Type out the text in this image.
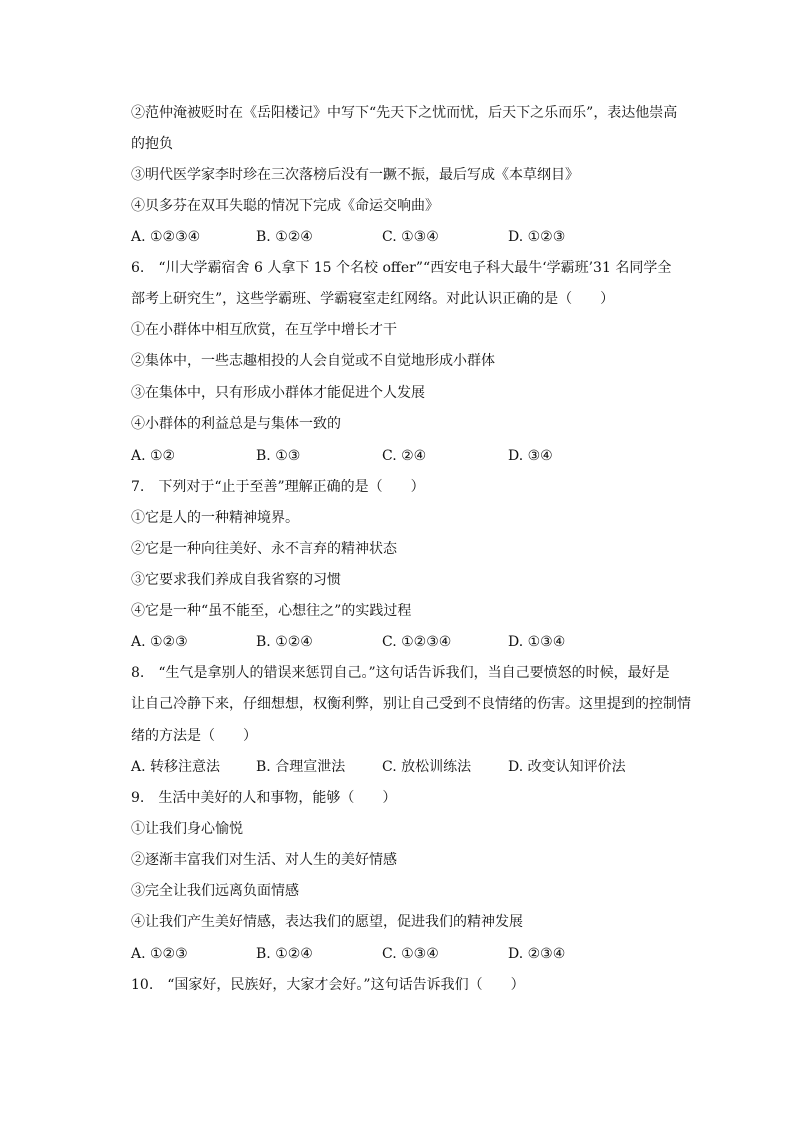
②范仲淹被贬时在《岳阳楼记》中写下“先天下之忧而忧，后天下之乐而乐”，表达他崇高
的抱负
③明代医学家李时珍在三次落榜后没有一蹶不振，最后写成《本草纲目》
④贝多芬在双耳失聪的情况下完成《命运交响曲》
A. ①②③④	B. ①②④	C. ①③④	D. ①②③
6.　“川大学霸宿舍 6 人拿下 15 个名校 offer”“西安电子科大最牛‘学霸班’31 名同学全
部考上研究生”，这些学霸班、学霸寝室走红网络。对此认识正确的是（　　）
①在小群体中相互欣赏，在互学中增长才干
②集体中，一些志趣相投的人会自觉或不自觉地形成小群体
③在集体中，只有形成小群体才能促进个人发展
④小群体的利益总是与集体一致的
A. ①②	B. ①③	C. ②④	D. ③④
7.　下列对于“止于至善”理解正确的是（　　）
①它是人的一种精神境界。
②它是一种向往美好、永不言弃的精神状态
③它要求我们养成自我省察的习惯
④它是一种“虽不能至，心想往之”的实践过程
A. ①②③	B. ①②④	C. ①②③④	D. ①③④
8.　“生气是拿别人的错误来惩罚自己。”这句话告诉我们，当自己要愤怒的时候，最好是
让自己冷静下来，仔细想想，权衡利弊，别让自己受到不良情绪的伤害。这里提到的控制情
绪的方法是（　　）
A. 转移注意法	B. 合理宣泄法	C. 放松训练法	D. 改变认知评价法
9.　生活中美好的人和事物，能够（　　）
①让我们身心愉悦
②逐渐丰富我们对生活、对人生的美好情感
③完全让我们远离负面情感
④让我们产生美好情感，表达我们的愿望，促进我们的精神发展
A. ①②③	B. ①②④	C. ①③④	D. ②③④
10.　“国家好，民族好，大家才会好。”这句话告诉我们（　　）
